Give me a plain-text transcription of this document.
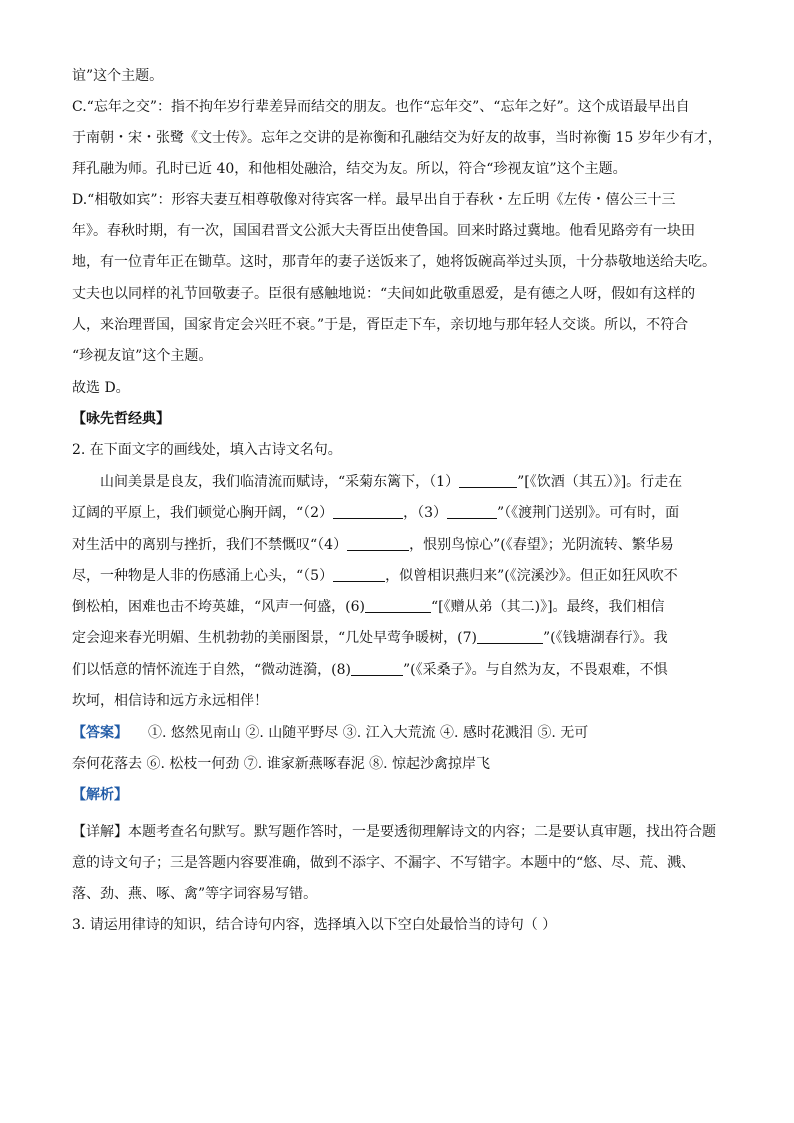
谊”这个主题。

C.“忘年之交”：指不拘年岁行辈差异而结交的朋友。也作“忘年交”、“忘年之好”。这个成语最早出自

于南朝・宋・张鹭《文士传》。忘年之交讲的是祢衡和孔融结交为好友的故事，当时祢衡 15 岁年少有才，

拜孔融为师。孔时已近 40，和他相处融洽，结交为友。所以，符合“珍视友谊”这个主题。

D.“相敬如宾”：形容夫妻互相尊敬像对待宾客一样。最早出自于春秋・左丘明《左传・僖公三十三

年》。春秋时期，有一次，国国君晋文公派大夫胥臣出使鲁国。回来时路过冀地。他看见路旁有一块田

地，有一位青年正在锄草。这时，那青年的妻子送饭来了，她将饭碗高举过头顶，十分恭敬地送给夫吃。

丈夫也以同样的礼节回敬妻子。臣很有感触地说：“夫间如此敬重恩爱，是有德之人呀，假如有这样的

人，来治理晋国，国家肯定会兴旺不衰。”于是，胥臣走下车，亲切地与那年轻人交谈。所以，不符合

“珍视友谊”这个主题。

故选 D。

【咏先哲经典】

2. 在下面文字的画线处，填入古诗文名句。

山间美景是良友，我们临清流而赋诗，“采菊东篱下，（1）	”[《饮酒（其五）》]。行走在

辽阔的平原上，我们顿觉心胸开阔，“（2）	，（3）	”（《渡荆门送别》。可有时，面

对生活中的离别与挫折，我们不禁慨叹“（4）	，恨别鸟惊心”(《春望》；光阴流转、繁华易

尽，一种物是人非的伤感涌上心头，“（5）	，似曾相识燕归来”(《浣溪沙》。但正如狂风吹不

倒松柏，困难也击不垮英雄，“风声一何盛，(6)	“[《赠从弟（其二)》]。最终，我们相信

定会迎来春光明媚、生机勃勃的美丽图景，“几处早莺争暖树，(7)	”(《钱塘湖春行》。我

们以恬意的情怀流连于自然，“微动涟漪，(8)	”(《采桑子》。与自然为友，不畏艰难，不惧

坎坷，相信诗和远方永远相伴！

【答案】 ①. 悠然见南山 ②. 山随平野尽 ③. 江入大荒流 ④. 感时花溅泪 ⑤. 无可

奈何花落去 ⑥. 松枝一何劲 ⑦. 谁家新燕啄春泥 ⑧. 惊起沙禽掠岸飞

【解析】

【详解】本题考查名句默写。默写题作答时，一是要透彻理解诗文的内容；二是要认真审题，找出符合题

意的诗文句子；三是答题内容要准确，做到不添字、不漏字、不写错字。本题中的“悠、尽、荒、溅、

落、劲、燕、啄、禽”等字词容易写错。

3. 请运用律诗的知识，结合诗句内容，选择填入以下空白处最恰当的诗句（ ）
